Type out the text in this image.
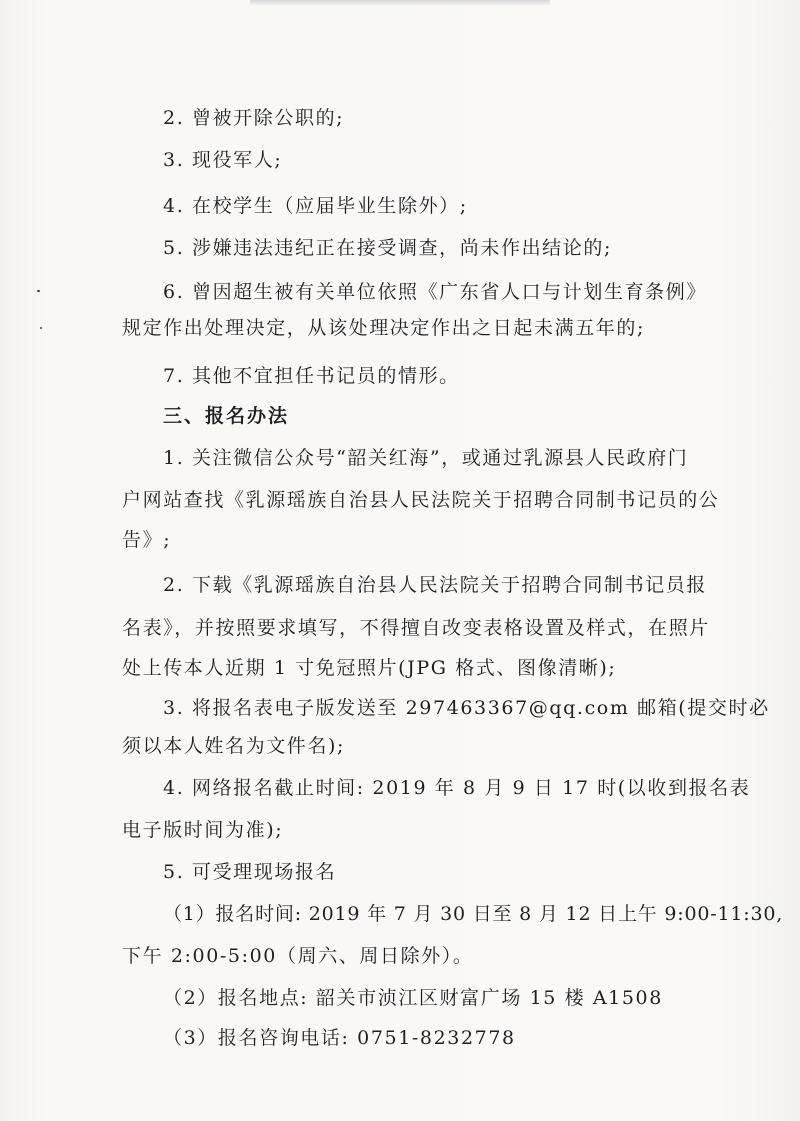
2. 曾被开除公职的;
3. 现役军人;
4. 在校学生（应届毕业生除外）;
5. 涉嫌违法违纪正在接受调查，尚未作出结论的;
6. 曾因超生被有关单位依照《广东省人口与计划生育条例》
规定作出处理决定，从该处理决定作出之日起未满五年的;
7. 其他不宜担任书记员的情形。
三、报名办法
1. 关注微信公众号“韶关红海”，或通过乳源县人民政府门
户网站查找《乳源瑶族自治县人民法院关于招聘合同制书记员的公
告》;
2. 下载《乳源瑶族自治县人民法院关于招聘合同制书记员报
名表》，并按照要求填写，不得擅自改变表格设置及样式，在照片
处上传本人近期 1 寸免冠照片(JPG 格式、图像清晰);
3. 将报名表电子版发送至 297463367@qq.com 邮箱(提交时必
须以本人姓名为文件名);
4. 网络报名截止时间: 2019 年 8 月 9 日 17 时(以收到报名表
电子版时间为准);
5. 可受理现场报名
（1）报名时间: 2019 年 7 月 30 日至 8 月 12 日上午 9:00-11:30,
下午 2:00-5:00（周六、周日除外）。
（2）报名地点: 韶关市浈江区财富广场 15 楼 A1508
（3）报名咨询电话: 0751-8232778
